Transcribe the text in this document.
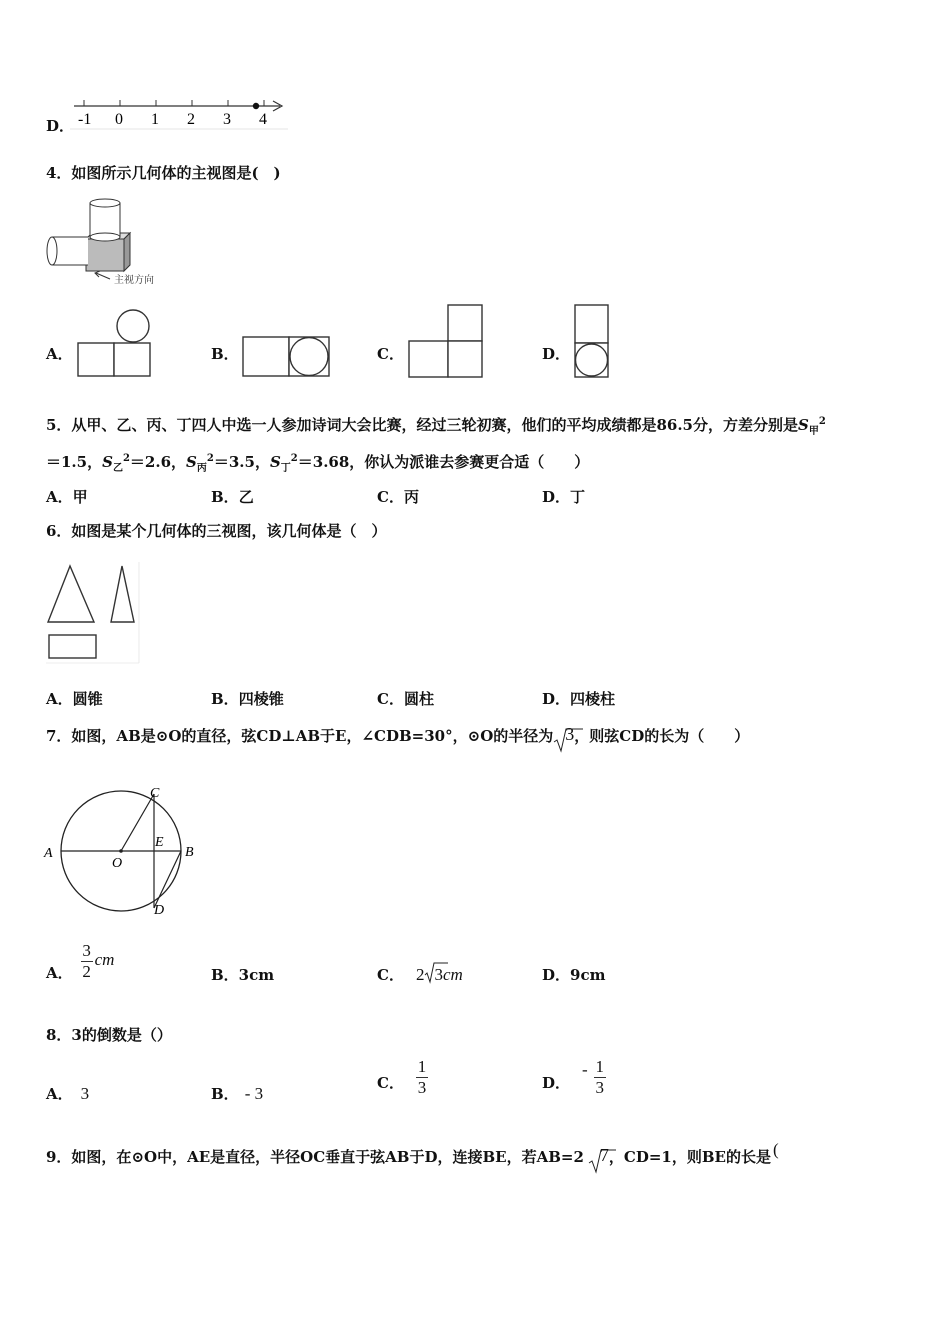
D． -1 0 1 2 3 4
4．如图所示几何体的主视图是(　)
主视方向
A．	B．	C．	D．
5．从甲、乙、丙、丁四人中选一人参加诗词大会比赛，经过三轮初赛，他们的平均成绩都是86.5分，方差分别是$S_甲^2$
＝1.5，$S_乙^2=2.6$，$S_丙^2=3.5$，$S_丁^2=3.68$，你认为派谁去参赛更合适（　　）
A．甲	B．乙	C．丙	D．丁
6．如图是某个几何体的三视图，该几何体是（　）
A．圆锥	B．四棱锥	C．圆柱	D．四棱柱
7．如图，AB是⊙O的直径，弦CD⊥AB于E，∠CDB=30°，⊙O的半径为 3 ，则弦CD的长为（　　）
A	B
C
D
E
O
A． $\frac{3}{2}$ cm
B．3cm	C． 2 3 cm	D．9cm
8．3的倒数是（）
A． 3	B． - 3
C． $\frac{1}{3}$	D．
- $\frac{1}{3}$
9．如图，在⊙O中，AE是直径，半径OC垂直于弦AB于D，连接BE，若AB=2 7 ，CD=1，则BE的长是 (
